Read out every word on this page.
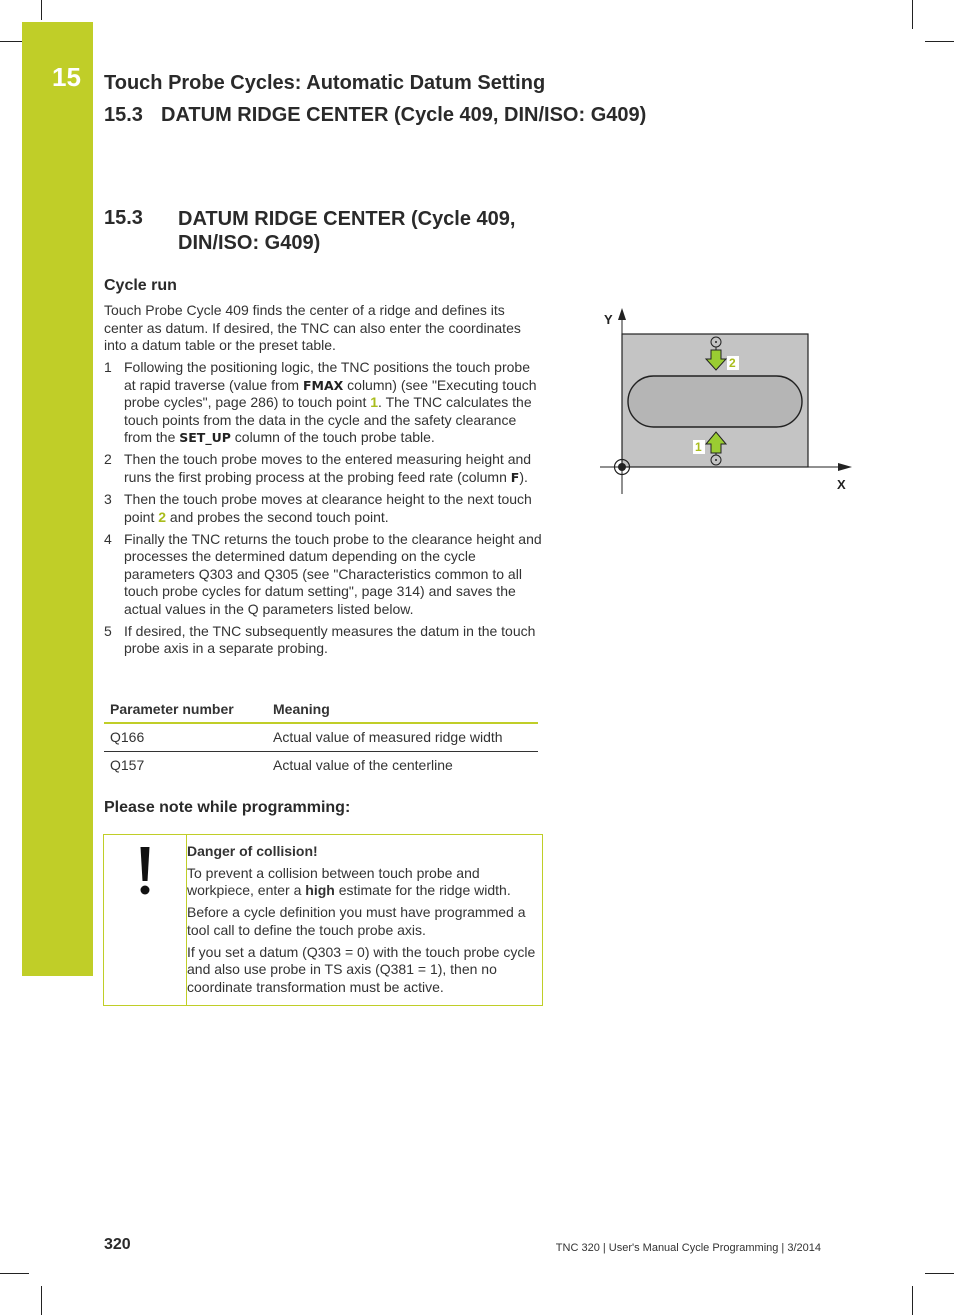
15 Touch Probe Cycles: Automatic Datum Setting
15.3 DATUM RIDGE CENTER (Cycle 409, DIN/ISO: G409)
15.3 DATUM RIDGE CENTER (Cycle 409, DIN/ISO: G409)
Cycle run
Touch Probe Cycle 409 finds the center of a ridge and defines its center as datum. If desired, the TNC can also enter the coordinates into a datum table or the preset table.
1 Following the positioning logic, the TNC positions the touch probe at rapid traverse (value from FMAX column) (see "Executing touch probe cycles", page 286) to touch point 1. The TNC calculates the touch points from the data in the cycle and the safety clearance from the SET_UP column of the touch probe table.
2 Then the touch probe moves to the entered measuring height and runs the first probing process at the probing feed rate (column F).
3 Then the touch probe moves at clearance height to the next touch point 2 and probes the second touch point.
4 Finally the TNC returns the touch probe to the clearance height and processes the determined datum depending on the cycle parameters Q303 and Q305 (see "Characteristics common to all touch probe cycles for datum setting", page 314) and saves the actual values in the Q parameters listed below.
5 If desired, the TNC subsequently measures the datum in the touch probe axis in a separate probing.
Parameter number	Meaning
Q166	Actual value of measured ridge width
Q157	Actual value of the centerline
Please note while programming:
Danger of collision!

To prevent a collision between touch probe and workpiece, enter a high estimate for the ridge width.

Before a cycle definition you must have programmed a tool call to define the touch probe axis.

If you set a datum (Q303 = 0) with the touch probe cycle and also use probe in TS axis (Q381 = 1), then no coordinate transformation must be active.

Y
X
2
1
320	TNC 320 | User's Manual Cycle Programming | 3/2014
